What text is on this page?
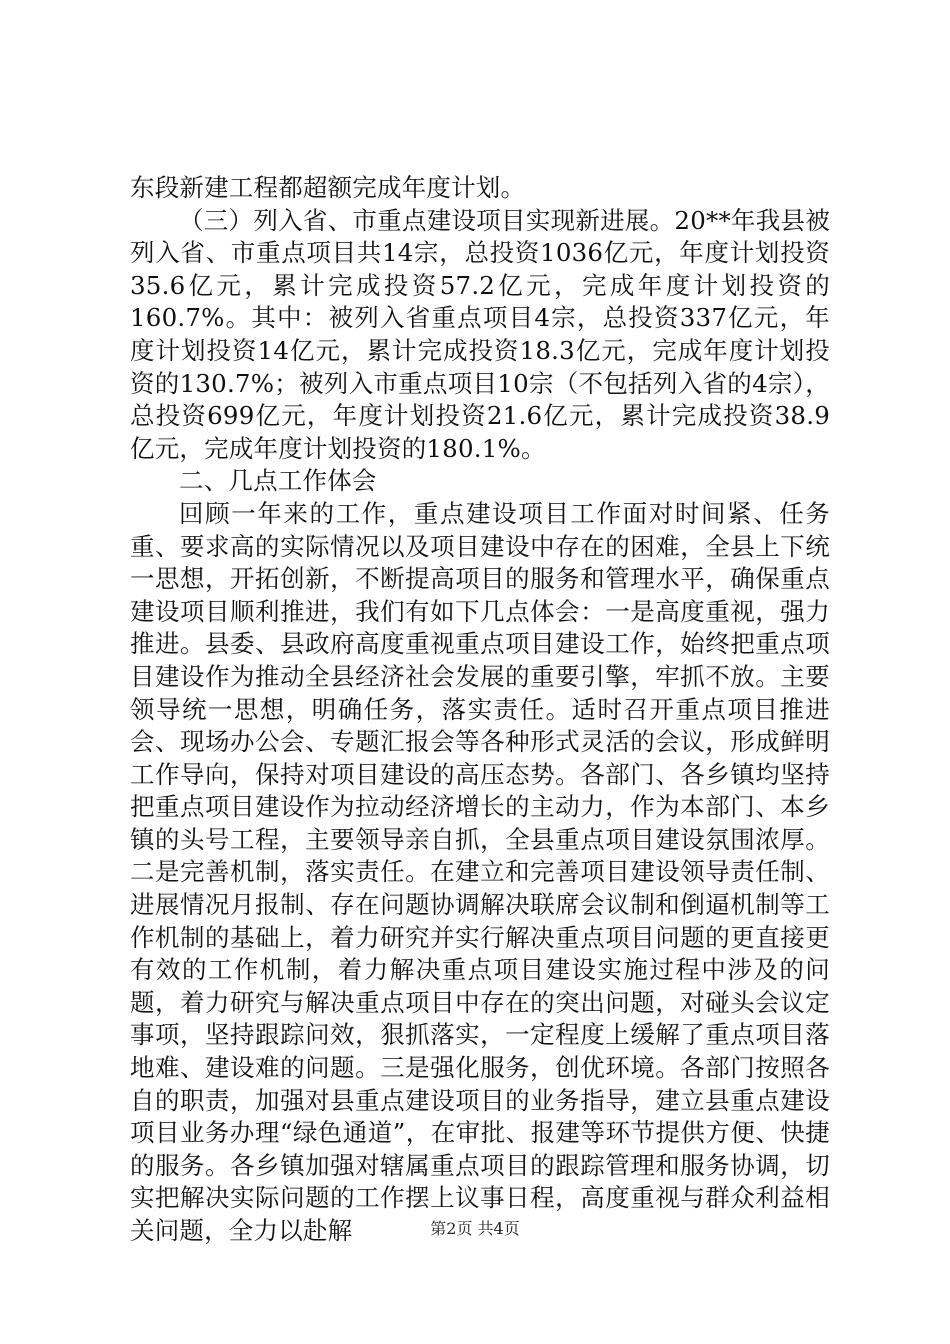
东段新建工程都超额完成年度计划。

（三）列入省、市重点建设项目实现新进展。20**年我县被列入省、市重点项目共14宗，总投资1036亿元，年度计划投资35.6亿元，累计完成投资57.2亿元，完成年度计划投资的160.7%。其中：被列入省重点项目4宗，总投资337亿元，年度计划投资14亿元，累计完成投资18.3亿元，完成年度计划投资的130.7%；被列入市重点项目10宗（不包括列入省的4宗），总投资699亿元，年度计划投资21.6亿元，累计完成投资38.9亿元，完成年度计划投资的180.1%。

二、几点工作体会

回顾一年来的工作，重点建设项目工作面对时间紧、任务重、要求高的实际情况以及项目建设中存在的困难，全县上下统一思想，开拓创新，不断提高项目的服务和管理水平，确保重点建设项目顺利推进，我们有如下几点体会：一是高度重视，强力推进。县委、县政府高度重视重点项目建设工作，始终把重点项目建设作为推动全县经济社会发展的重要引擎，牢抓不放。主要领导统一思想，明确任务，落实责任。适时召开重点项目推进会、现场办公会、专题汇报会等各种形式灵活的会议，形成鲜明工作导向，保持对项目建设的高压态势。各部门、各乡镇均坚持把重点项目建设作为拉动经济增长的主动力，作为本部门、本乡镇的头号工程，主要领导亲自抓，全县重点项目建设氛围浓厚。二是完善机制，落实责任。在建立和完善项目建设领导责任制、进展情况月报制、存在问题协调解决联席会议制和倒逼机制等工作机制的基础上，着力研究并实行解决重点项目问题的更直接更有效的工作机制，着力解决重点项目建设实施过程中涉及的问题，着力研究与解决重点项目中存在的突出问题，对碰头会议定事项，坚持跟踪问效，狠抓落实，一定程度上缓解了重点项目落地难、建设难的问题。三是强化服务，创优环境。各部门按照各自的职责，加强对县重点建设项目的业务指导，建立县重点建设项目业务办理“绿色通道”，在审批、报建等环节提供方便、快捷的服务。各乡镇加强对辖属重点项目的跟踪管理和服务协调，切实把解决实际问题的工作摆上议事日程，高度重视与群众利益相关问题，全力以赴解	第2页 共4页
